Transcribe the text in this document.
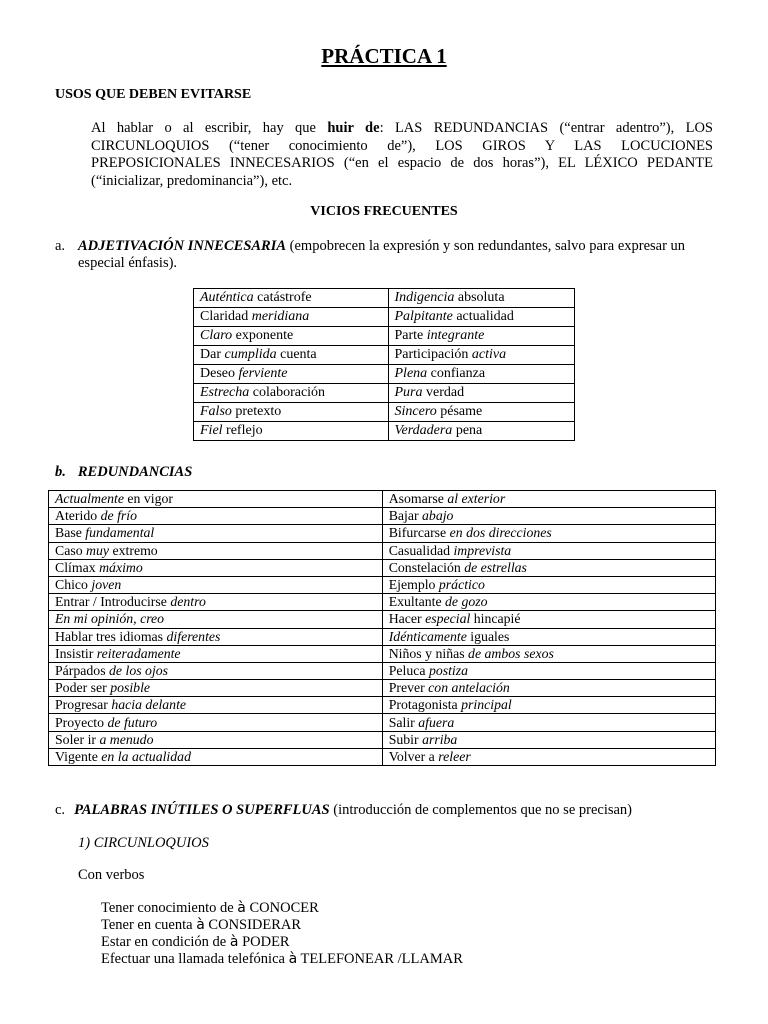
PRÁCTICA 1
USOS QUE DEBEN EVITARSE
Al hablar o al escribir, hay que huir de: LAS REDUNDANCIAS (“entrar adentro”), LOS CIRCUNLOQUIOS (“tener conocimiento de”), LOS GIROS Y LAS LOCUCIONES PREPOSICIONALES INNECESARIOS (“en el espacio de dos horas”), EL LÉXICO PEDANTE (“inicializar, predominancia”), etc.
VICIOS FRECUENTES
a. ADJETIVACIÓN INNECESARIA (empobrecen la expresión y son redundantes, salvo para expresar un especial énfasis).
Auténtica catástrofe	Indigencia absoluta
Claridad meridiana	Palpitante actualidad
Claro exponente	Parte integrante
Dar cumplida cuenta	Participación activa
Deseo ferviente	Plena confianza
Estrecha colaboración	Pura verdad
Falso pretexto	Sincero pésame
Fiel reflejo	Verdadera pena
b. REDUNDANCIAS
Actualmente en vigor	Asomarse al exterior
Aterido de frío	Bajar abajo
Base fundamental	Bifurcarse en dos direcciones
Caso muy extremo	Casualidad imprevista
Clímax máximo	Constelación de estrellas
Chico joven	Ejemplo práctico
Entrar / Introducirse dentro	Exultante de gozo
En mi opinión, creo	Hacer especial hincapié
Hablar tres idiomas diferentes	Idénticamente iguales
Insistir reiteradamente	Niños y niñas de ambos sexos
Párpados de los ojos	Peluca postiza
Poder ser posible	Prever con antelación
Progresar hacia delante	Protagonista principal
Proyecto de futuro	Salir afuera
Soler ir a menudo	Subir arriba
Vigente en la actualidad	Volver a releer
c. PALABRAS INÚTILES O SUPERFLUAS (introducción de complementos que no se precisan)
1) CIRCUNLOQUIOS
Con verbos
Tener conocimiento de à CONOCER
Tener en cuenta à CONSIDERAR
Estar en condición de à PODER
Efectuar una llamada telefónica à TELEFONEAR /LLAMAR
